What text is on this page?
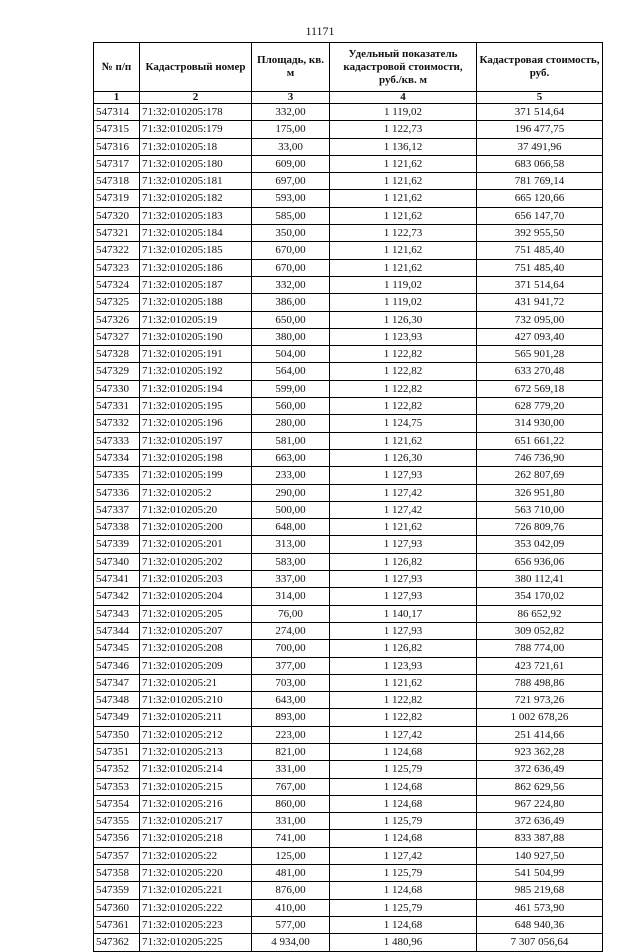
11171
№ п/п	Кадастровый номер	Площадь, кв. м	Удельный показатель кадастровой стоимости, руб./кв. м	Кадастровая стоимость, руб.
1	2	3	4	5
547314	71:32:010205:178	332,00	1 119,02	371 514,64
547315	71:32:010205:179	175,00	1 122,73	196 477,75
547316	71:32:010205:18	33,00	1 136,12	37 491,96
547317	71:32:010205:180	609,00	1 121,62	683 066,58
547318	71:32:010205:181	697,00	1 121,62	781 769,14
547319	71:32:010205:182	593,00	1 121,62	665 120,66
547320	71:32:010205:183	585,00	1 121,62	656 147,70
547321	71:32:010205:184	350,00	1 122,73	392 955,50
547322	71:32:010205:185	670,00	1 121,62	751 485,40
547323	71:32:010205:186	670,00	1 121,62	751 485,40
547324	71:32:010205:187	332,00	1 119,02	371 514,64
547325	71:32:010205:188	386,00	1 119,02	431 941,72
547326	71:32:010205:19	650,00	1 126,30	732 095,00
547327	71:32:010205:190	380,00	1 123,93	427 093,40
547328	71:32:010205:191	504,00	1 122,82	565 901,28
547329	71:32:010205:192	564,00	1 122,82	633 270,48
547330	71:32:010205:194	599,00	1 122,82	672 569,18
547331	71:32:010205:195	560,00	1 122,82	628 779,20
547332	71:32:010205:196	280,00	1 124,75	314 930,00
547333	71:32:010205:197	581,00	1 121,62	651 661,22
547334	71:32:010205:198	663,00	1 126,30	746 736,90
547335	71:32:010205:199	233,00	1 127,93	262 807,69
547336	71:32:010205:2	290,00	1 127,42	326 951,80
547337	71:32:010205:20	500,00	1 127,42	563 710,00
547338	71:32:010205:200	648,00	1 121,62	726 809,76
547339	71:32:010205:201	313,00	1 127,93	353 042,09
547340	71:32:010205:202	583,00	1 126,82	656 936,06
547341	71:32:010205:203	337,00	1 127,93	380 112,41
547342	71:32:010205:204	314,00	1 127,93	354 170,02
547343	71:32:010205:205	76,00	1 140,17	86 652,92
547344	71:32:010205:207	274,00	1 127,93	309 052,82
547345	71:32:010205:208	700,00	1 126,82	788 774,00
547346	71:32:010205:209	377,00	1 123,93	423 721,61
547347	71:32:010205:21	703,00	1 121,62	788 498,86
547348	71:32:010205:210	643,00	1 122,82	721 973,26
547349	71:32:010205:211	893,00	1 122,82	1 002 678,26
547350	71:32:010205:212	223,00	1 127,42	251 414,66
547351	71:32:010205:213	821,00	1 124,68	923 362,28
547352	71:32:010205:214	331,00	1 125,79	372 636,49
547353	71:32:010205:215	767,00	1 124,68	862 629,56
547354	71:32:010205:216	860,00	1 124,68	967 224,80
547355	71:32:010205:217	331,00	1 125,79	372 636,49
547356	71:32:010205:218	741,00	1 124,68	833 387,88
547357	71:32:010205:22	125,00	1 127,42	140 927,50
547358	71:32:010205:220	481,00	1 125,79	541 504,99
547359	71:32:010205:221	876,00	1 124,68	985 219,68
547360	71:32:010205:222	410,00	1 125,79	461 573,90
547361	71:32:010205:223	577,00	1 124,68	648 940,36
547362	71:32:010205:225	4 934,00	1 480,96	7 307 056,64
